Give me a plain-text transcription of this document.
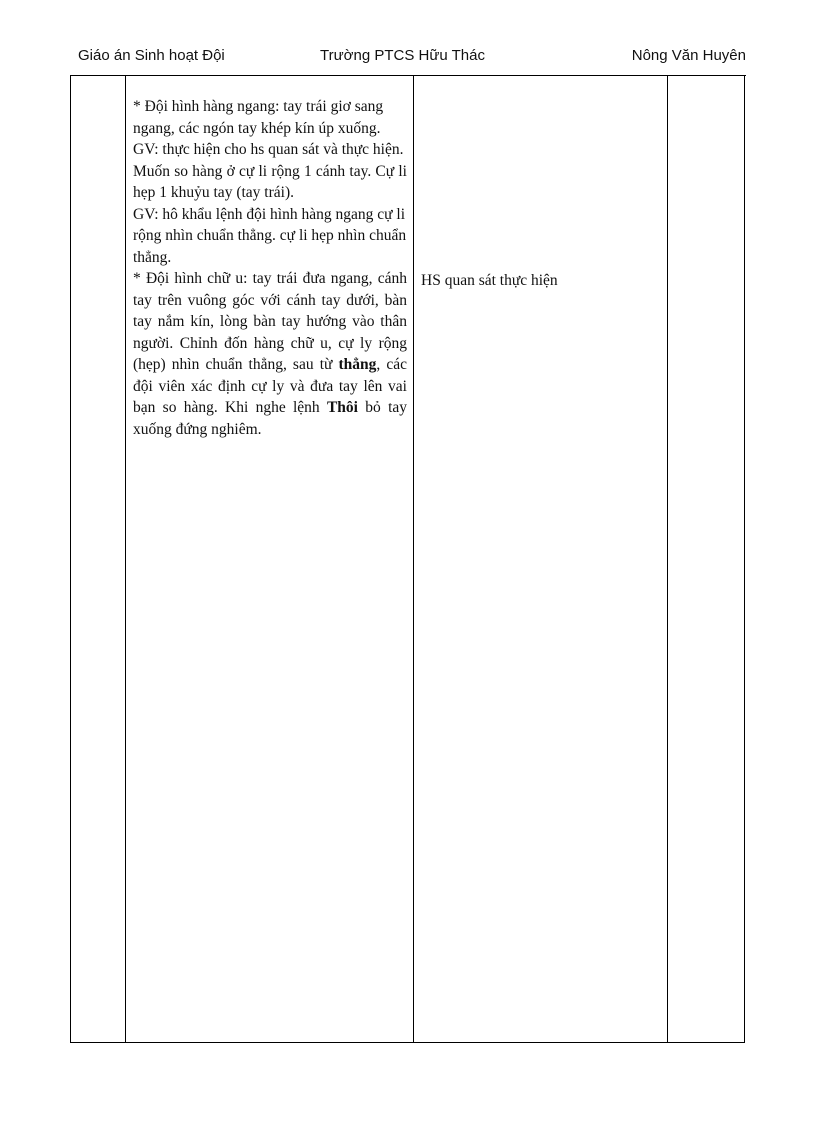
Giáo án Sinh hoạt Đội	Trường PTCS Hữu Thác	Nông Văn Huyên

* Đội hình hàng ngang: tay trái giơ sang ngang, các ngón tay khép kín úp xuống.

GV: thực hiện cho hs quan sát và thực hiện.

Muốn so hàng ở cự li rộng 1 cánh tay. Cự li hẹp 1 khuỷu tay (tay trái).

GV: hô khẩu lệnh đội hình hàng ngang cự li rộng nhìn chuẩn thẳng. cự li hẹp nhìn chuẩn thẳng.

* Đội hình chữ u: tay trái đưa ngang, cánh tay trên vuông góc với cánh tay dưới, bàn tay nắm kín, lòng bàn tay hướng vào thân người. Chỉnh đốn hàng chữ u, cự ly rộng (hẹp) nhìn chuẩn thẳng, sau từ thẳng, các đội viên xác định cự ly và đưa tay lên vai bạn so hàng. Khi nghe lệnh Thôi bỏ tay xuống đứng nghiêm.

HS quan sát thực hiện
